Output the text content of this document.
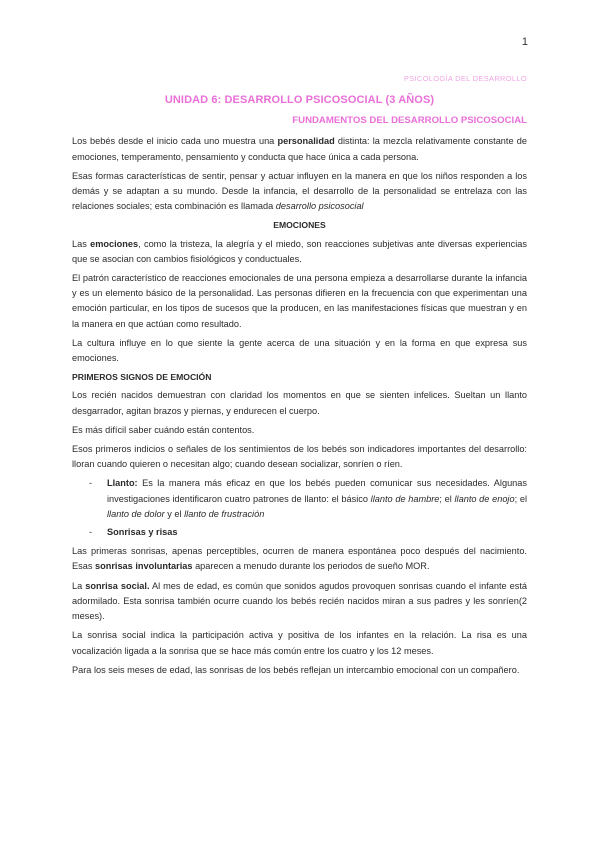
1
PSICOLOGÍA DEL DESARROLLO
UNIDAD 6: DESARROLLO PSICOSOCIAL (3 AÑOS)
FUNDAMENTOS DEL DESARROLLO PSICOSOCIAL

Los bebés desde el inicio cada uno muestra una personalidad distinta: la mezcla relativamente constante de emociones, temperamento, pensamiento y conducta que hace única a cada persona.

Esas formas características de sentir, pensar y actuar influyen en la manera en que los niños responden a los demás y se adaptan a su mundo. Desde la infancia, el desarrollo de la personalidad se entrelaza con las relaciones sociales; esta combinación es llamada desarrollo psicosocial

EMOCIONES

Las emociones, como la tristeza, la alegría y el miedo, son reacciones subjetivas ante diversas experiencias que se asocian con cambios fisiológicos y conductuales.

El patrón característico de reacciones emocionales de una persona empieza a desarrollarse durante la infancia y es un elemento básico de la personalidad. Las personas difieren en la frecuencia con que experimentan una emoción particular, en los tipos de sucesos que la producen, en las manifestaciones físicas que muestran y en la manera en que actúan como resultado.

La cultura influye en lo que siente la gente acerca de una situación y en la forma en que expresa sus emociones.

PRIMEROS SIGNOS DE EMOCIÓN

Los recién nacidos demuestran con claridad los momentos en que se sienten infelices. Sueltan un llanto desgarrador, agitan brazos y piernas, y endurecen el cuerpo.

Es más difícil saber cuándo están contentos.

Esos primeros indicios o señales de los sentimientos de los bebés son indicadores importantes del desarrollo: lloran cuando quieren o necesitan algo; cuando desean socializar, sonríen o ríen.

- Llanto: Es la manera más eficaz en que los bebés pueden comunicar sus necesidades. Algunas investigaciones identificaron cuatro patrones de llanto: el básico llanto de hambre; el llanto de enojo; el llanto de dolor y el llanto de frustración
- Sonrisas y risas

Las primeras sonrisas, apenas perceptibles, ocurren de manera espontánea poco después del nacimiento. Esas sonrisas involuntarias aparecen a menudo durante los periodos de sueño MOR.

La sonrisa social. Al mes de edad, es común que sonidos agudos provoquen sonrisas cuando el infante está adormilado. Esta sonrisa también ocurre cuando los bebés recién nacidos miran a sus padres y les sonríen(2 meses).

La sonrisa social indica la participación activa y positiva de los infantes en la relación. La risa es una vocalización ligada a la sonrisa que se hace más común entre los cuatro y los 12 meses.

Para los seis meses de edad, las sonrisas de los bebés reflejan un intercambio emocional con un compañero.
